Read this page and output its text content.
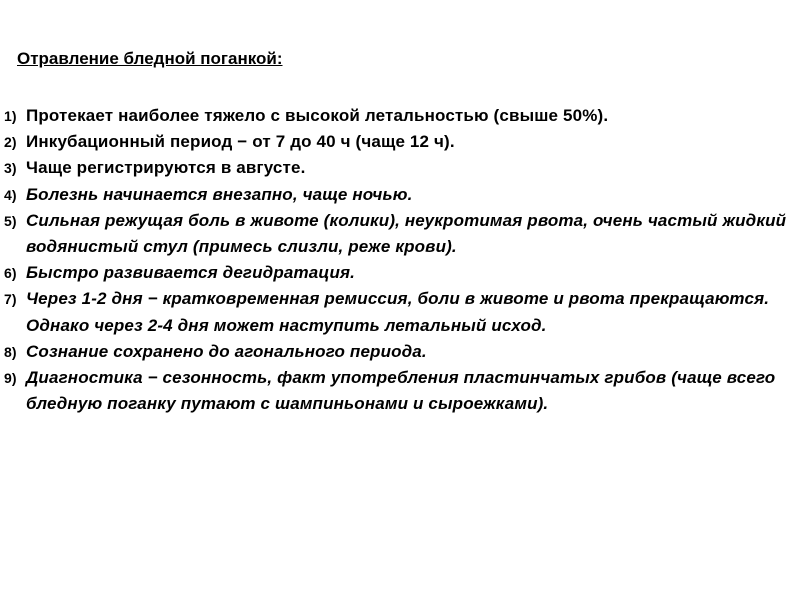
Отравление бледной поганкой:
1) Протекает наиболее тяжело с высокой летальностью (свыше 50%).
2) Инкубационный период − от 7 до 40 ч (чаще 12 ч).
3) Чаще регистрируются в августе.
4) Болезнь начинается внезапно, чаще ночью.
5) Сильная режущая боль в животе (колики), неукротимая рвота, очень частый жидкий водянистый стул (примесь слизли, реже крови).
6) Быстро развивается дегидратация.
7) Через 1-2 дня − кратковременная ремиссия, боли в животе и рвота прекращаются. Однако через 2-4 дня может наступить летальный исход.
8) Сознание сохранено до агонального периода.
9) Диагностика − сезонность, факт употребления пластинчатых грибов (чаще всего бледную поганку путают с шампиньонами и сыроежками).
